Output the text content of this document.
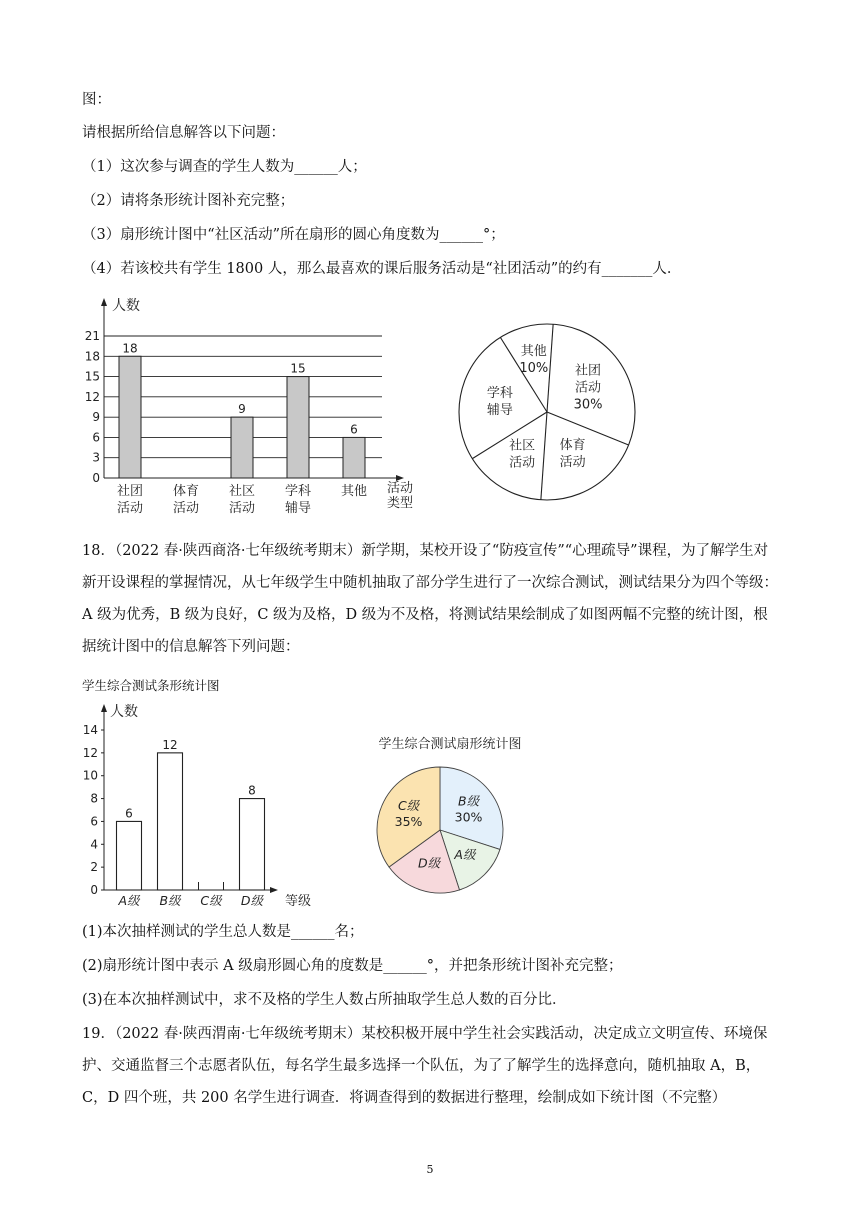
图：
请根据所给信息解答以下问题：
（1）这次参与调查的学生人数为______人；
（2）请将条形统计图补充完整；
（3）扇形统计图中“社区活动”所在扇形的圆心角度数为______°；
（4）若该校共有学生 1800 人，那么最喜欢的课后服务活动是“社团活动”的约有_______人．
人数
活动类型
0
3
6
9
12
15
18
21
18
社团活动
体育活动
9
社区活动
15
学科辅导
6
其他
其他 10% 社团活动 30%
体育活动
社区活动
学科辅导
18．（2022 春·陕西商洛·七年级统考期末）新学期，某校开设了“防疫宣传”“心理疏导”课程，为了解学生对新开设课程的掌握情况，从七年级学生中随机抽取了部分学生进行了一次综合测试，测试结果分为四个等级：A 级为优秀，B 级为良好，C 级为及格，D 级为不及格，将测试结果绘制成了如图两幅不完整的统计图，根据统计图中的信息解答下列问题：
学生综合测试条形统计图
人数
等级
0
2
4
6
8
10
12
14
6
A级
12
B级 C级
8
D级
学生综合测试扇形统计图
B级 30%
A级
D级
C级 35%
(1)本次抽样测试的学生总人数是______名；
(2)扇形统计图中表示 A 级扇形圆心角的度数是______°，并把条形统计图补充完整；
(3)在本次抽样测试中，求不及格的学生人数占所抽取学生总人数的百分比．
19．（2022 春·陕西渭南·七年级统考期末）某校积极开展中学生社会实践活动，决定成立文明宣传、环境保护、交通监督三个志愿者队伍，每名学生最多选择一个队伍，为了了解学生的选择意向，随机抽取 A，B，C，D 四个班，共 200 名学生进行调查．将调查得到的数据进行整理，绘制成如下统计图（不完整）
5
